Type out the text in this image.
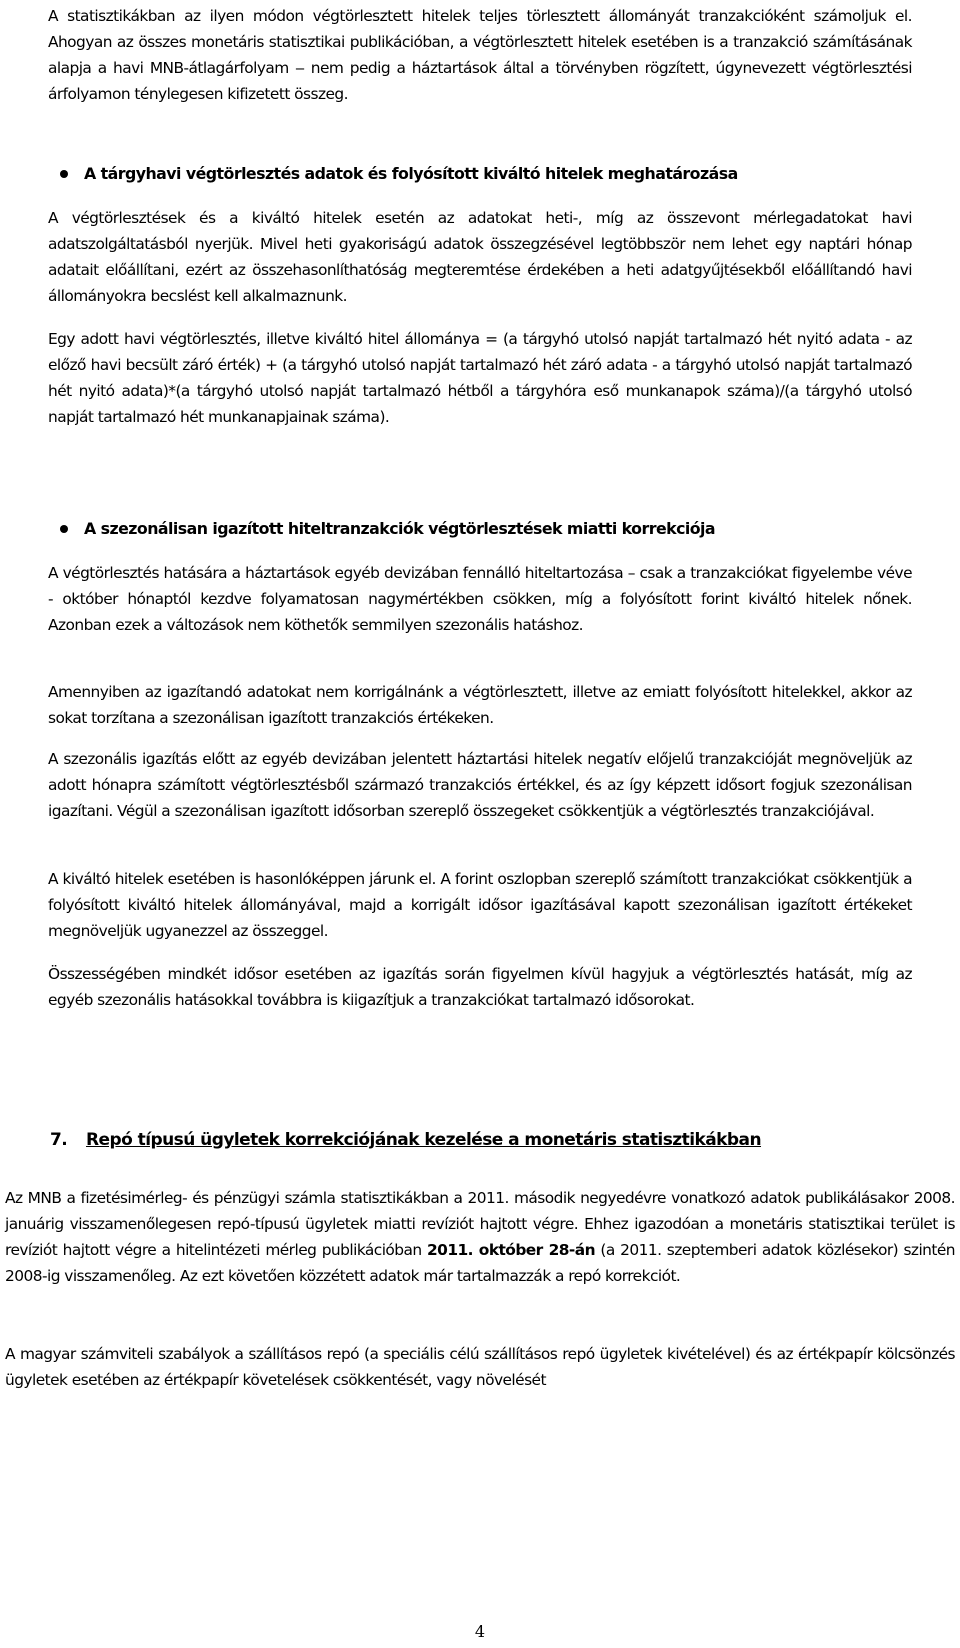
A statisztikákban az ilyen módon végtörlesztett hitelek teljes törlesztett állományát tranzakcióként számoljuk el. Ahogyan az összes monetáris statisztikai publikációban, a végtörlesztett hitelek esetében is a tranzakció számításának alapja a havi MNB-átlagárfolyam ‒ nem pedig a háztartások által a törvényben rögzített, úgynevezett végtörlesztési árfolyamon ténylegesen kifizetett összeg.

A tárgyhavi végtörlesztés adatok és folyósított kiváltó hitelek meghatározása

A végtörlesztések és a kiváltó hitelek esetén az adatokat heti-, míg az összevont mérlegadatokat havi adatszolgáltatásból nyerjük. Mivel heti gyakoriságú adatok összegzésével legtöbbször nem lehet egy naptári hónap adatait előállítani, ezért az összehasonlíthatóság megteremtése érdekében a heti adatgyűjtésekből előállítandó havi állományokra becslést kell alkalmaznunk.

Egy adott havi végtörlesztés, illetve kiváltó hitel állománya = (a tárgyhó utolsó napját tartalmazó hét nyitó adata - az előző havi becsült záró érték) + (a tárgyhó utolsó napját tartalmazó hét záró adata - a tárgyhó utolsó napját tartalmazó hét nyitó adata)*(a tárgyhó utolsó napját tartalmazó hétből a tárgyhóra eső munkanapok száma)/(a tárgyhó utolsó napját tartalmazó hét munkanapjainak száma).

A szezonálisan igazított hiteltranzakciók végtörlesztések miatti korrekciója

A végtörlesztés hatására a háztartások egyéb devizában fennálló hiteltartozása – csak a tranzakciókat figyelembe véve - október hónaptól kezdve folyamatosan nagymértékben csökken, míg a folyósított forint kiváltó hitelek nőnek. Azonban ezek a változások nem köthetők semmilyen szezonális hatáshoz.

Amennyiben az igazítandó adatokat nem korrigálnánk a végtörlesztett, illetve az emiatt folyósított hitelekkel, akkor az sokat torzítana a szezonálisan igazított tranzakciós értékeken.

A szezonális igazítás előtt az egyéb devizában jelentett háztartási hitelek negatív előjelű tranzakcióját megnöveljük az adott hónapra számított végtörlesztésből származó tranzakciós értékkel, és az így képzett idősort fogjuk szezonálisan igazítani. Végül a szezonálisan igazított idősorban szereplő összegeket csökkentjük a végtörlesztés tranzakciójával.

A kiváltó hitelek esetében is hasonlóképpen járunk el. A forint oszlopban szereplő számított tranzakciókat csökkentjük a folyósított kiváltó hitelek állományával, majd a korrigált idősor igazításával kapott szezonálisan igazított értékeket megnöveljük ugyanezzel az összeggel.

Összességében mindkét idősor esetében az igazítás során figyelmen kívül hagyjuk a végtörlesztés hatását, míg az egyéb szezonális hatásokkal továbbra is kiigazítjuk a tranzakciókat tartalmazó idősorokat.

7.	Repó típusú ügyletek korrekciójának kezelése a monetáris statisztikákban

Az MNB a fizetésimérleg- és pénzügyi számla statisztikákban a 2011. második negyedévre vonatkozó adatok publikálásakor 2008. januárig visszamenőlegesen repó-típusú ügyletek miatti revíziót hajtott végre. Ehhez igazodóan a monetáris statisztikai terület is revíziót hajtott végre a hitelintézeti mérleg publikációban 2011. október 28-án (a 2011. szeptemberi adatok közlésekor) szintén 2008-ig visszamenőleg. Az ezt követően közzétett adatok már tartalmazzák a repó korrekciót.

A magyar számviteli szabályok a szállításos repó (a speciális célú szállításos repó ügyletek kivételével) és az értékpapír kölcsönzés ügyletek esetében az értékpapír követelések csökkentését, vagy növelését

4
